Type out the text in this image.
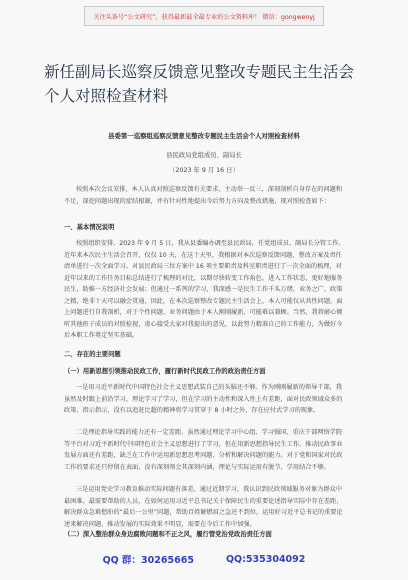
关注头条号“公文研究”，获得最新最全最专业的公文资料库！ 微信：gongwenyj
新任副局长巡察反馈意见整改专题民主生活会个人对照检查材料
县委第一巡察组巡察反馈意见整改专题民主生活会个人对照检查材料
县民政局党组成员、副局长
（2023 年 9 月 16 日）

按照本次会议安排，本人认真对照巡察反馈有关要求，主动举一反三，深刻剖析自身存在的问题和不足，深挖问题出现的症结根源，并有针对性地提出今后努力方向及整改措施，现对照检查如下：

一、基本情况说明

按照组织安排，2023 年 9 月 5 日，我从县委编办调至县民政局，任党组成员、副局长分管工作。近年来本次民主生活会召开，仅仅 10 天，在这十天里，我根据对本次巡察反馈问题、整改方案及责任清单进行一次全面学习。对县民政局三位方案中 16 项主要职责及科室职责进行了一次全面的梳理，对近年以来的工作任务目标总结进行了梳理的对比，以期尽快转变工作角色，进入工作状态，更好地服务民生，助推一方经济社会发展；但通过一系列的学习，我深感一是民生工作千头万绪，业务之广，政策之精，绝非十天可以融会贯通，因此，在本次巡察整改专题民主生活会上，本人可能仅从共性问题，面上问题进行自我剖析，对于个性问题、业务问题由于本人刚刚履新，可能难以兼顾。当然，我将耐心倾听其他班子成员的对照检视，虚心接受大家对我提出的意见，以此努力精准自己的工作能力，为做好今后本职工作奠定坚实基础。

二、存在的主要问题
（一）用新思想引领推动民政工作，履行新时代民政工作的政治责任方面

一是用习近平新时代中国特色社会主义思想武装自己的头脑还不够。作为刚刚履新的领导干部，我虽然及时跟上前沿学习，理论学习了学习，但在学习的主动性和深入性上有差距，面对民政领域众多的政策、指示指示，没有以追赶比超的精神将学习贯穿于 8 小时之外，存在应付式学习的现象。

二是理论指导实践的能力还有一定差距。虽然通过理论学习中心组、学习强国、重庆干部网络学院等平台对习近平新时代中国特色社会主义思想进行了学习，但在用新思想指导民生工作、推动民政事业发展方面还有差距，缺乏在工作中运用新思想思考问题、分析和解决问题的能力。对于党和国家对民政工作的要求还只停留在表面，没有深刻领会其深刻内涵，理论与实际运用有脱节，学用结合不够。

三是运用党史学习教育推动实际问题有落差。通过近期学习，我认识到民政领域服务对象为群众中最困难、最需要帮助的人员，在如何运用习近平总书记关于保障民生的重要论述指导实际中存在差距，解决群众急难愁盼的“最后一公里”问题，帮助百姓解燃眉之急还不到位，运用好习近平总书记的重要论述来解决问题、推动发展的实际效果不明显，需要在今后工作中加强。

（二）深入整治群众身边腐败问题和不正之风，履行管党治党政治责任方面
QQ 群：30265665	QQ:535304092
